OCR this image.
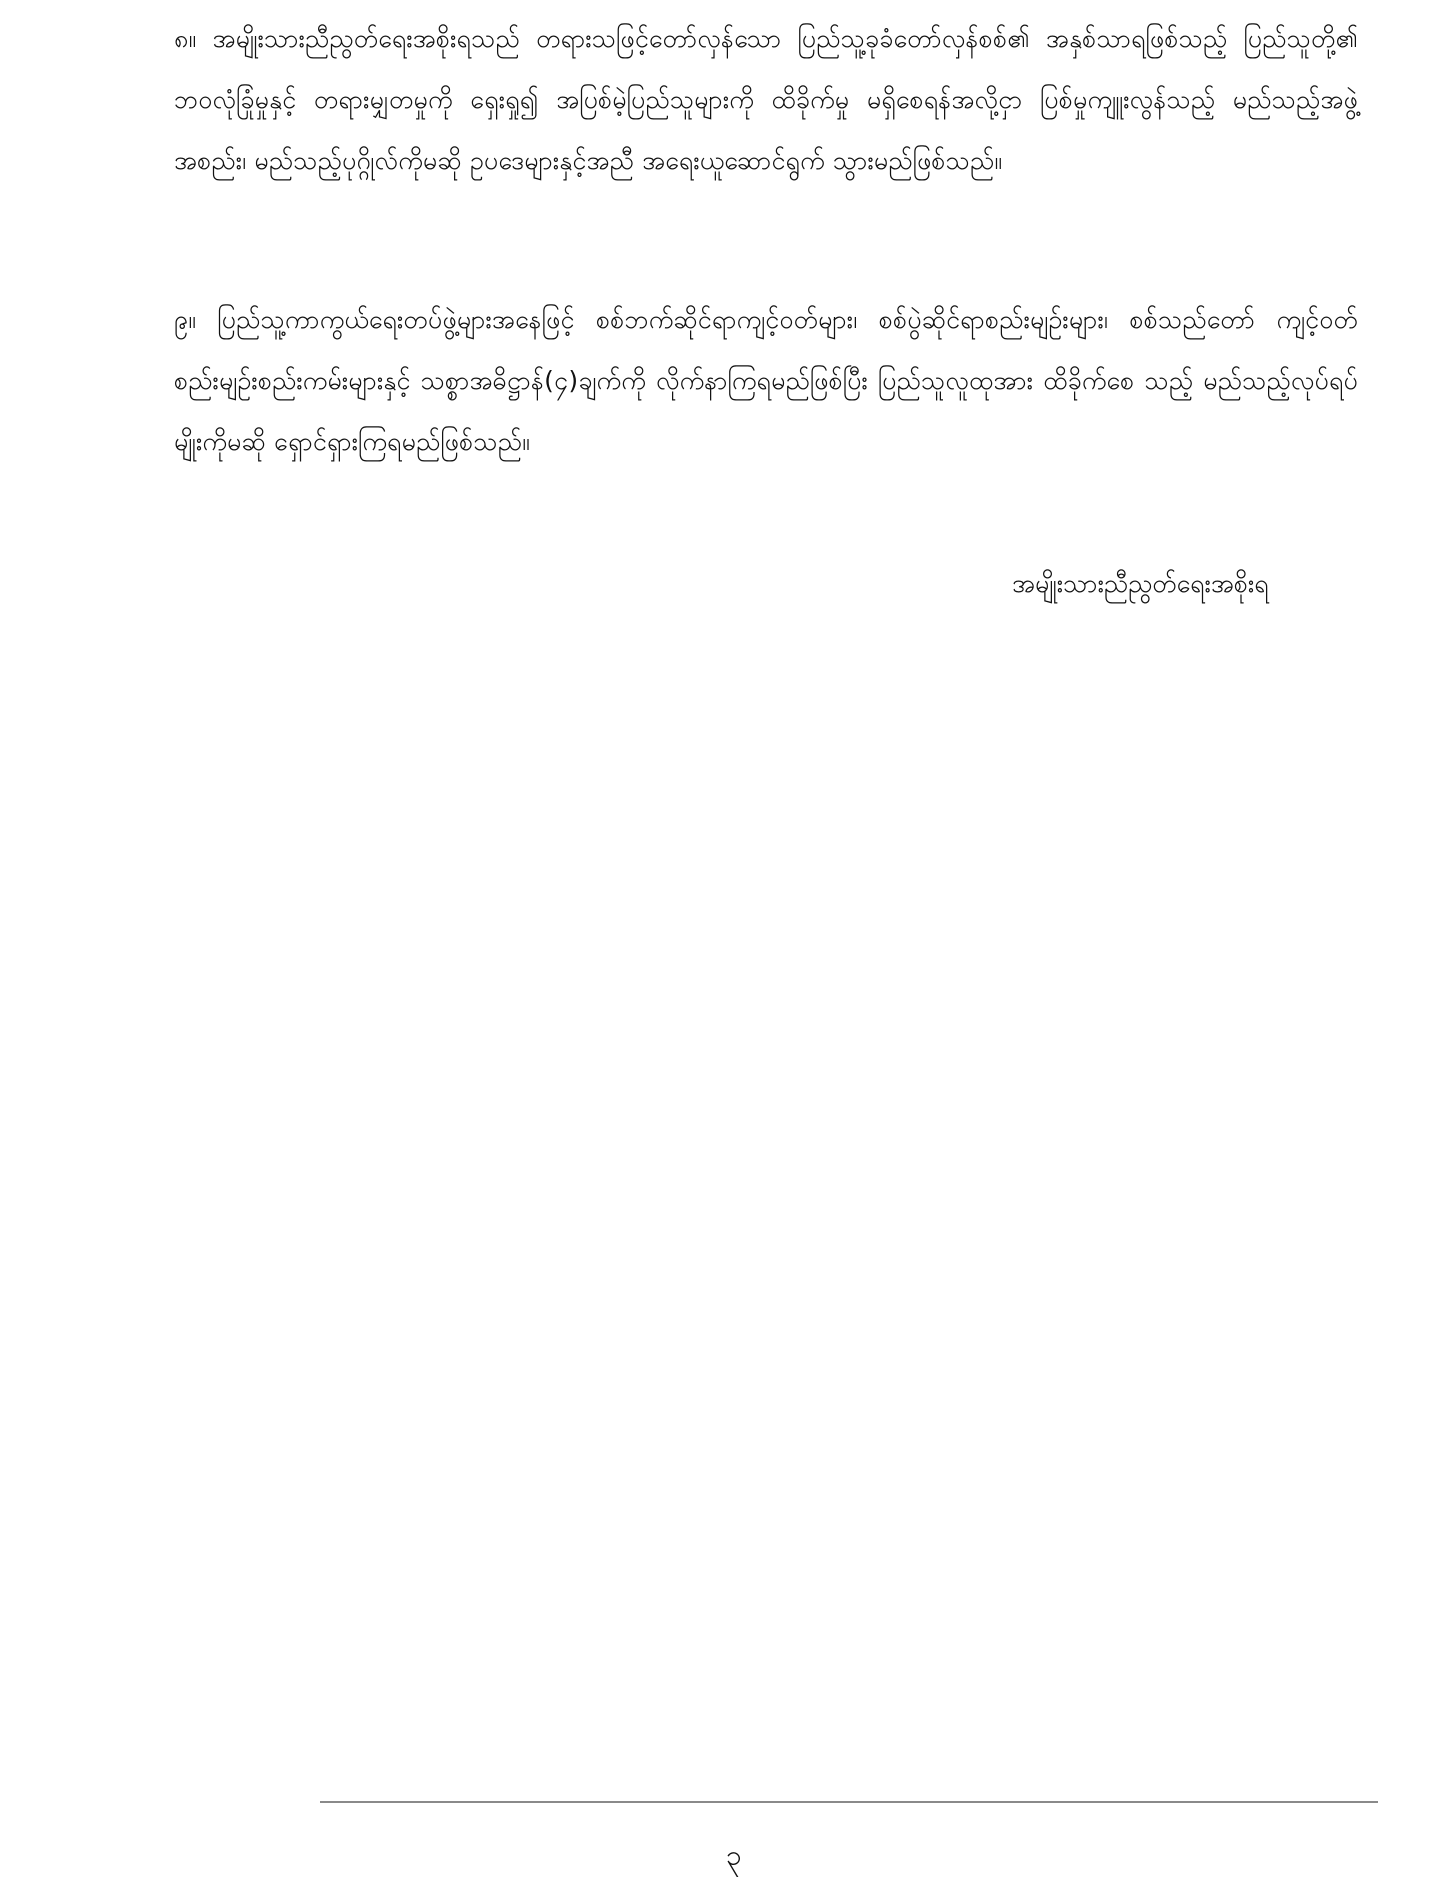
၈။ အမျိုးသားညီညွတ်ရေးအစိုးရသည် တရားသဖြင့်တော်လှန်သော ပြည်သူ့ခုခံတော်လှန်စစ်၏ အနှစ်သာရဖြစ်သည့် ပြည်သူတို့၏ ဘဝလုံခြုံမှုနှင့် တရားမျှတမှုကို ရှေးရှု၍ အပြစ်မဲ့ပြည်သူများကို ထိခိုက်မှု မရှိစေရန်အလို့ငှာ ပြစ်မှုကျူးလွန်သည့် မည်သည့်အဖွဲ့အစည်း၊ မည်သည့်ပုဂ္ဂိုလ်ကိုမဆို ဥပဒေများနှင့်အညီ အရေးယူဆောင်ရွက် သွားမည်ဖြစ်သည်။

၉။ ပြည်သူ့ကာကွယ်ရေးတပ်ဖွဲ့များအနေဖြင့် စစ်ဘက်ဆိုင်ရာကျင့်ဝတ်များ၊ စစ်ပွဲဆိုင်ရာစည်းမျဉ်းများ၊ စစ်သည်တော် ကျင့်ဝတ် စည်းမျဉ်းစည်းကမ်းများနှင့် သစ္စာအဓိဋ္ဌာန်(၄)ချက်ကို လိုက်နာကြရမည်ဖြစ်ပြီး ပြည်သူလူထုအား ထိခိုက်စေ သည့် မည်သည့်လုပ်ရပ်မျိုးကိုမဆို ရှောင်ရှားကြရမည်ဖြစ်သည်။

အမျိုးသားညီညွတ်ရေးအစိုးရ
၃
